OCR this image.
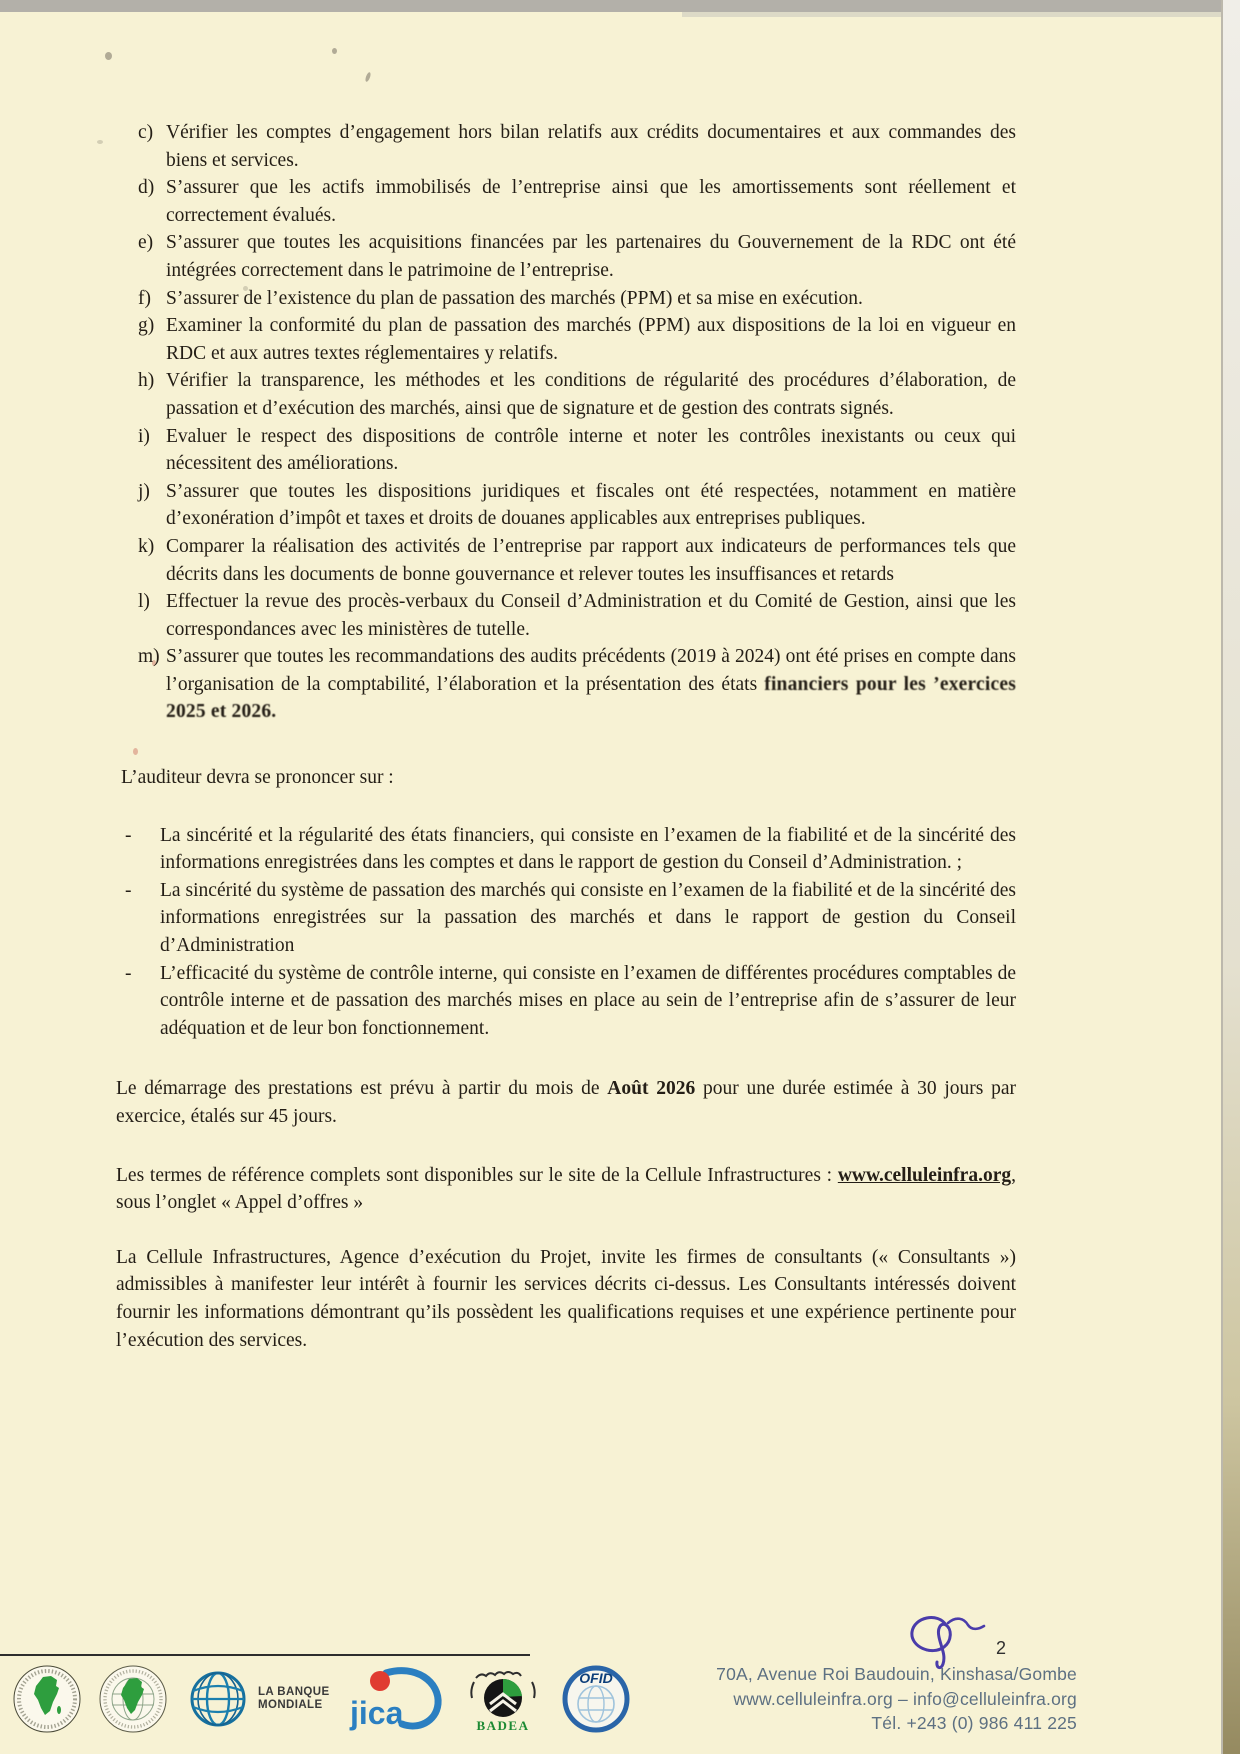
c) Vérifier les comptes d’engagement hors bilan relatifs aux crédits documentaires et aux commandes des biens et services.
d) S’assurer que les actifs immobilisés de l’entreprise ainsi que les amortissements sont réellement et correctement évalués.
e) S’assurer que toutes les acquisitions financées par les partenaires du Gouvernement de la RDC ont été intégrées correctement dans le patrimoine de l’entreprise.
f) S’assurer de l’existence du plan de passation des marchés (PPM) et sa mise en exécution.
g) Examiner la conformité du plan de passation des marchés (PPM) aux dispositions de la loi en vigueur en RDC et aux autres textes réglementaires y relatifs.
h) Vérifier la transparence, les méthodes et les conditions de régularité des procédures d’élaboration, de passation et d’exécution des marchés, ainsi que de signature et de gestion des contrats signés.
i) Evaluer le respect des dispositions de contrôle interne et noter les contrôles inexistants ou ceux qui nécessitent des améliorations.
j) S’assurer que toutes les dispositions juridiques et fiscales ont été respectées, notamment en matière d’exonération d’impôt et taxes et droits de douanes applicables aux entreprises publiques.
k) Comparer la réalisation des activités de l’entreprise par rapport aux indicateurs de performances tels que décrits dans les documents de bonne gouvernance et relever toutes les insuffisances et retards
l) Effectuer la revue des procès-verbaux du Conseil d’Administration et du Comité de Gestion, ainsi que les correspondances avec les ministères de tutelle.
m) S’assurer que toutes les recommandations des audits précédents (2019 à 2024) ont été prises en compte dans l’organisation de la comptabilité, l’élaboration et la présentation des états financiers pour les ’exercices 2025 et 2026.

L’auditeur devra se prononcer sur :

-	La sincérité et la régularité des états financiers, qui consiste en l’examen de la fiabilité et de la sincérité des informations enregistrées dans les comptes et dans le rapport de gestion du Conseil d’Administration. ;
-	La sincérité du système de passation des marchés qui consiste en l’examen de la fiabilité et de la sincérité des informations enregistrées sur la passation des marchés et dans le rapport de gestion du Conseil d’Administration
-	L’efficacité du système de contrôle interne, qui consiste en l’examen de différentes procédures comptables de contrôle interne et de passation des marchés mises en place au sein de l’entreprise afin de s’assurer de leur adéquation et de leur bon fonctionnement.

Le démarrage des prestations est prévu à partir du mois de Août 2026 pour une durée estimée à 30 jours par exercice, étalés sur 45 jours.

Les termes de référence complets sont disponibles sur le site de la Cellule Infrastructures : www.celluleinfra.org, sous l’onglet « Appel d’offres »

La Cellule Infrastructures, Agence d’exécution du Projet, invite les firmes de consultants (« Consultants ») admissibles à manifester leur intérêt à fournir les services décrits ci-dessus. Les Consultants intéressés doivent fournir les informations démontrant qu’ils possèdent les qualifications requises et une expérience pertinente pour l’exécution des services.

2
70A, Avenue Roi Baudouin, Kinshasa/Gombe
www.celluleinfra.org – info@celluleinfra.org
Tél. +243 (0) 986 411 225
LA BANQUE
MONDIALE jica	BADEA
OFID
